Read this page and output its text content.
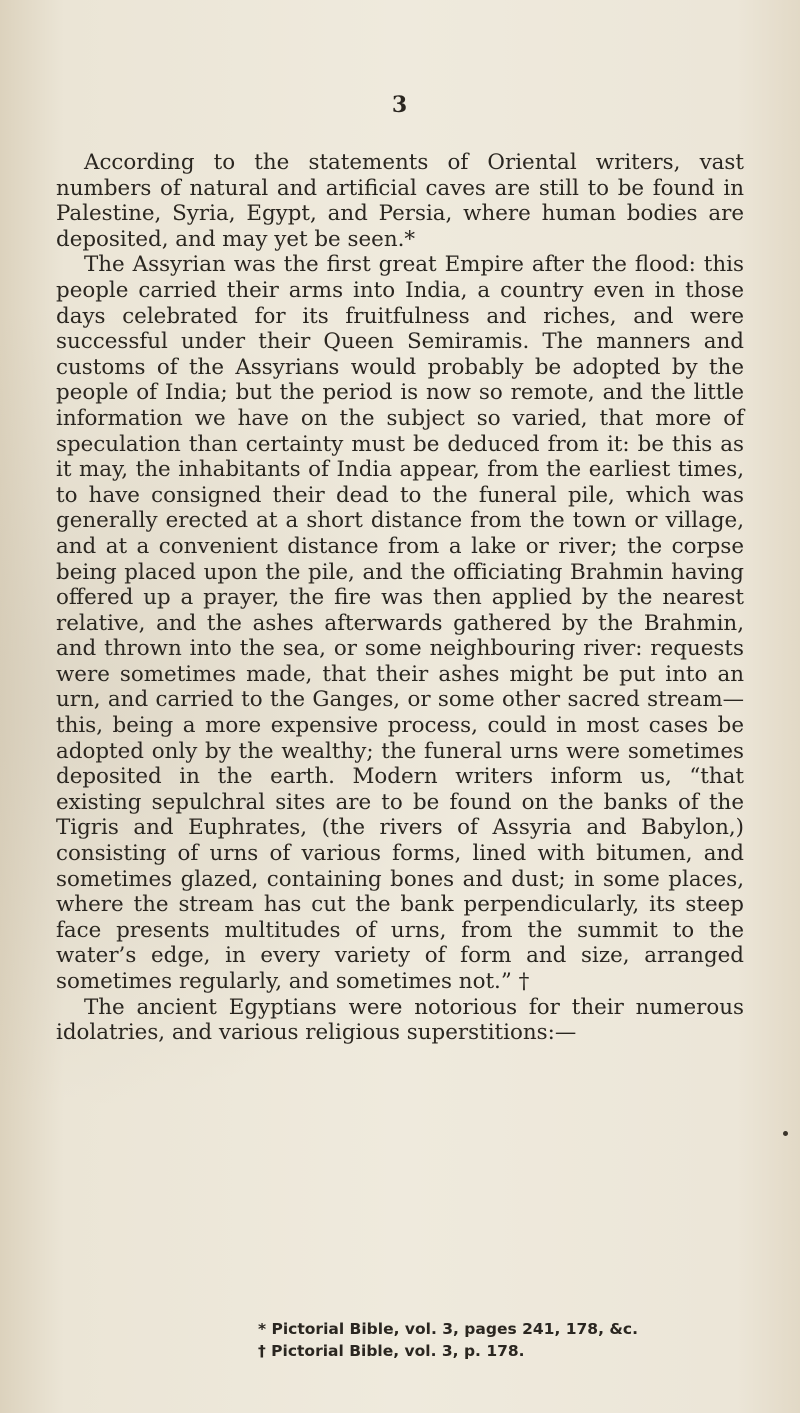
3

According to the statements of Oriental writers, vast numbers of natural and artificial caves are still to be found in Palestine, Syria, Egypt, and Persia, where human bodies are deposited, and may yet be seen.*

The Assyrian was the first great Empire after the flood: this people carried their arms into India, a country even in those days celebrated for its fruitfulness and riches, and were successful under their Queen Semiramis. The manners and customs of the Assyrians would probably be adopted by the people of India; but the period is now so remote, and the little information we have on the subject so varied, that more of speculation than certainty must be deduced from it: be this as it may, the inhabitants of India appear, from the earliest times, to have consigned their dead to the funeral pile, which was generally erected at a short distance from the town or village, and at a convenient distance from a lake or river; the corpse being placed upon the pile, and the officiating Brahmin having offered up a prayer, the fire was then applied by the nearest relative, and the ashes afterwards gathered by the Brahmin, and thrown into the sea, or some neighbouring river: requests were sometimes made, that their ashes might be put into an urn, and carried to the Ganges, or some other sacred stream—this, being a more expensive process, could in most cases be adopted only by the wealthy; the funeral urns were sometimes deposited in the earth. Modern writers inform us, “that existing sepulchral sites are to be found on the banks of the Tigris and Euphrates, (the rivers of Assyria and Babylon,) consisting of urns of various forms, lined with bitumen, and sometimes glazed, containing bones and dust; in some places, where the stream has cut the bank perpendicularly, its steep face presents multitudes of urns, from the summit to the water’s edge, in every variety of form and size, arranged sometimes regularly, and sometimes not.” †

The ancient Egyptians were notorious for their numerous idolatries, and various religious superstitions:—

* Pictorial Bible, vol. 3, pages 241, 178, &c.
† Pictorial Bible, vol. 3, p. 178.
